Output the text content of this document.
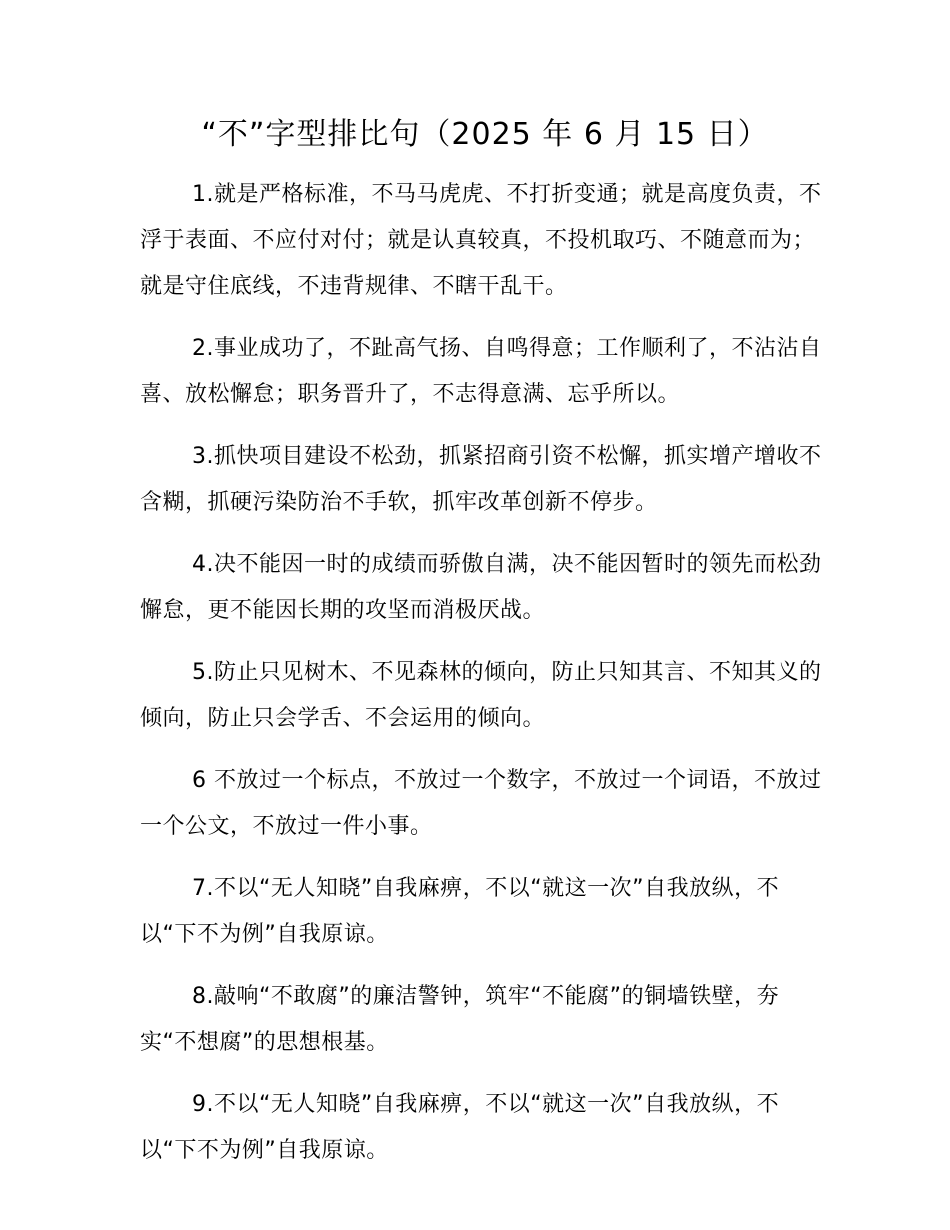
“不”字型排比句（2025 年 6 月 15 日）

1.就是严格标准，不马马虎虎、不打折变通；就是高度负责，不浮于表面、不应付对付；就是认真较真，不投机取巧、不随意而为；就是守住底线，不违背规律、不瞎干乱干。

2.事业成功了，不趾高气扬、自鸣得意；工作顺利了，不沾沾自喜、放松懈怠；职务晋升了，不志得意满、忘乎所以。

3.抓快项目建设不松劲，抓紧招商引资不松懈，抓实增产增收不含糊，抓硬污染防治不手软，抓牢改革创新不停步。

4.决不能因一时的成绩而骄傲自满，决不能因暂时的领先而松劲懈怠，更不能因长期的攻坚而消极厌战。

5.防止只见树木、不见森林的倾向，防止只知其言、不知其义的倾向，防止只会学舌、不会运用的倾向。

6 不放过一个标点，不放过一个数字，不放过一个词语，不放过一个公文，不放过一件小事。

7.不以“无人知晓”自我麻痹，不以“就这一次”自我放纵，不以“下不为例”自我原谅。

8.敲响“不敢腐”的廉洁警钟，筑牢“不能腐”的铜墙铁壁，夯实“不想腐”的思想根基。

9.不以“无人知晓”自我麻痹，不以“就这一次”自我放纵，不以“下不为例”自我原谅。
